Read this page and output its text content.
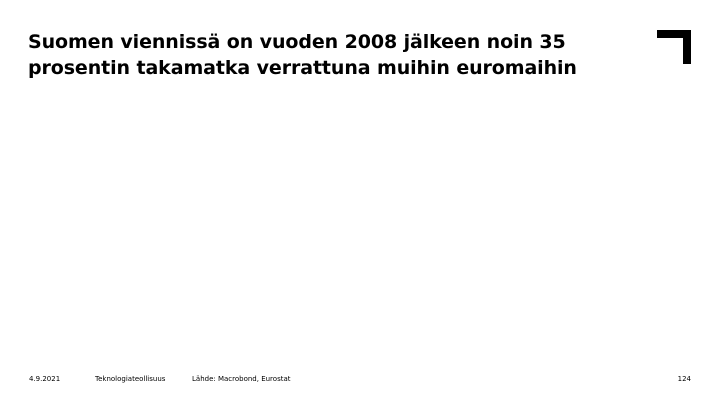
Suomen viennissä on vuoden 2008 jälkeen noin 35
prosentin takamatka verrattuna muihin euromaihin
4.9.2021	Teknologiateollisuus	Lähde: Macrobond, Eurostat	124
